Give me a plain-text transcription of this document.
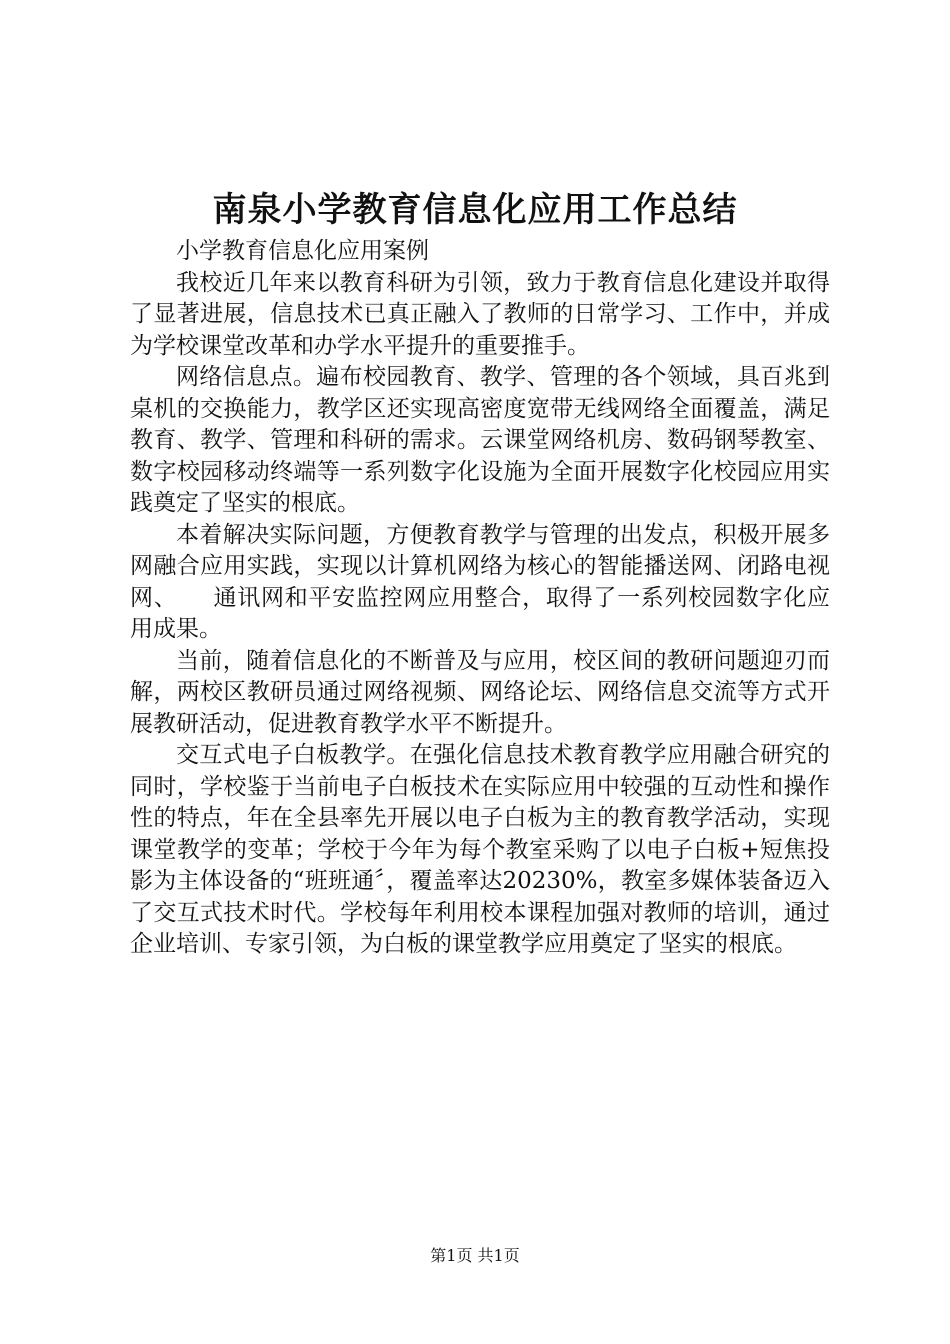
南泉小学教育信息化应用工作总结

小学教育信息化应用案例

我校近几年来以教育科研为引领，致力于教育信息化建设并取得了显著进展，信息技术已真正融入了教师的日常学习、工作中，并成为学校课堂改革和办学水平提升的重要推手。

网络信息点。遍布校园教育、教学、管理的各个领域，具百兆到桌机的交换能力，教学区还实现高密度宽带无线网络全面覆盖，满足教育、教学、管理和科研的需求。云课堂网络机房、数码钢琴教室、数字校园移动终端等一系列数字化设施为全面开展数字化校园应用实践奠定了坚实的根底。

本着解决实际问题，方便教育教学与管理的出发点，积极开展多网融合应用实践，实现以计算机网络为核心的智能播送网、闭路电视网、　　通讯网和平安监控网应用整合，取得了一系列校园数字化应用成果。

当前，随着信息化的不断普及与应用，校区间的教研问题迎刃而解，两校区教研员通过网络视频、网络论坛、网络信息交流等方式开展教研活动，促进教育教学水平不断提升。

交互式电子白板教学。在强化信息技术教育教学应用融合研究的同时，学校鉴于当前电子白板技术在实际应用中较强的互动性和操作性的特点，年在全县率先开展以电子白板为主的教育教学活动，实现课堂教学的变革；学校于今年为每个教室采购了以电子白板+短焦投影为主体设备的“班班通〞，覆盖率达20230%，教室多媒体装备迈入了交互式技术时代。学校每年利用校本课程加强对教师的培训，通过企业培训、专家引领，为白板的课堂教学应用奠定了坚实的根底。

第1页 共1页
